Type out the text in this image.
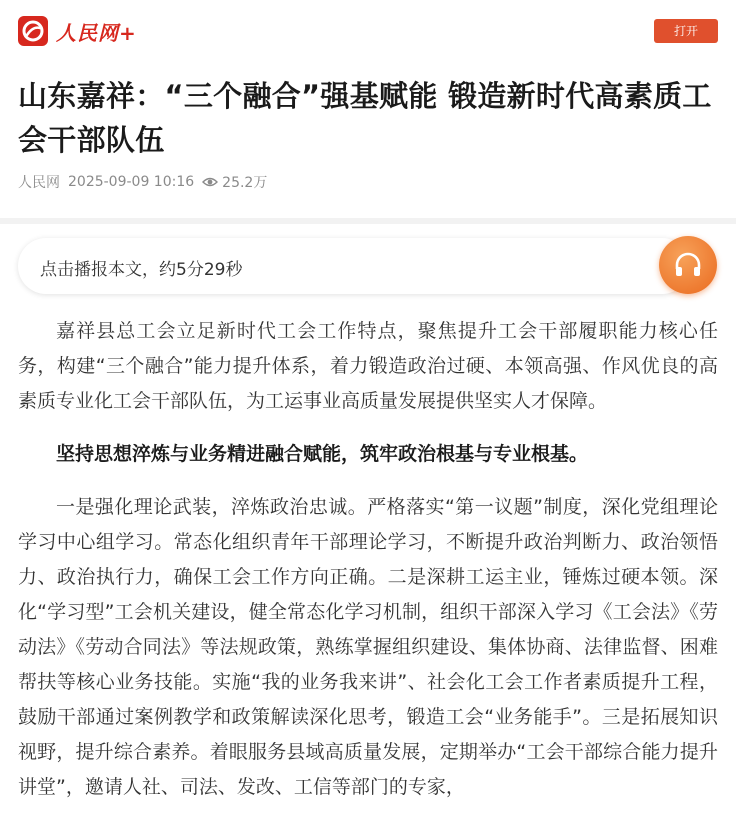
人民网+	打开
山东嘉祥：“三个融合”强基赋能 锻造新时代高素质工会干部队伍
人民网 2025-09-09 10:16 25.2万
点击播报本文，约5分29秒

嘉祥县总工会立足新时代工会工作特点，聚焦提升工会干部履职能力核心任务，构建“三个融合”能力提升体系，着力锻造政治过硬、本领高强、作风优良的高素质专业化工会干部队伍，为工运事业高质量发展提供坚实人才保障。

坚持思想淬炼与业务精进融合赋能，筑牢政治根基与专业根基。

一是强化理论武装，淬炼政治忠诚。严格落实“第一议题”制度，深化党组理论学习中心组学习。常态化组织青年干部理论学习，不断提升政治判断力、政治领悟力、政治执行力，确保工会工作方向正确。二是深耕工运主业，锤炼过硬本领。深化“学习型”工会机关建设，健全常态化学习机制，组织干部深入学习《工会法》《劳动法》《劳动合同法》等法规政策，熟练掌握组织建设、集体协商、法律监督、困难帮扶等核心业务技能。实施“我的业务我来讲”、社会化工会工作者素质提升工程，鼓励干部通过案例教学和政策解读深化思考，锻造工会“业务能手”。三是拓展知识视野，提升综合素养。着眼服务县域高质量发展，定期举办“工会干部综合能力提升讲堂”，邀请人社、司法、发改、工信等部门的专家，
